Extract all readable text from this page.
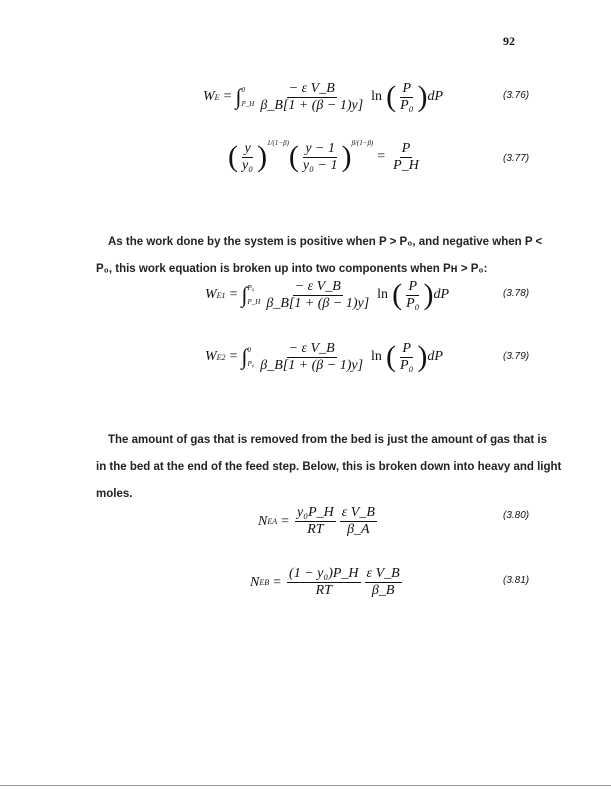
92
W E = ∫ 0
P_H $\frac{\text{− ε V\_B}}{\beta\_B[1 + (\beta - 1)y]}$ ln ( $\frac{P}{\text{P₀}}$ ) dP	(3.76)
( $\frac{y}{\text{y₀}}$ ) 1/(1−β) ( $\frac{y - 1}{\text{y₀ − 1}}$ ) β/(1−β)
= $\frac{P}{P\_H}$	(3.77)
As the work done by the system is positive when P > P₀, and negative when P <
P₀, this work equation is broken up into two components when Pʜ > P₀:
W E1 = ∫ P₀
P_H $\frac{\text{− ε V\_B}}{\beta\_B[1 + (\beta - 1)y]}$ ln ( $\frac{P}{\text{P₀}}$ ) dP	(3.78)
W E2 = ∫ 0
$P_0 \frac{\text{− ε V\_B}}{\beta\_B[1 + (\beta - 1)y]}$ ln ( $\frac{P}{\text{P₀}}$ ) dP	(3.79)
The amount of gas that is removed from the bed is just the amount of gas that is
in the bed at the end of the feed step. Below, this is broken down into heavy and light
moles.
N EA = $\frac{\text{y₀P\_H}}{RT} \frac{\text{ε V\_B}}{\beta\_A}$	(3.80)
N EB = $\frac{\text{(1 − y₀)P\_H}}{RT} \frac{\text{ε V\_B}}{\beta\_B}$	(3.81)
